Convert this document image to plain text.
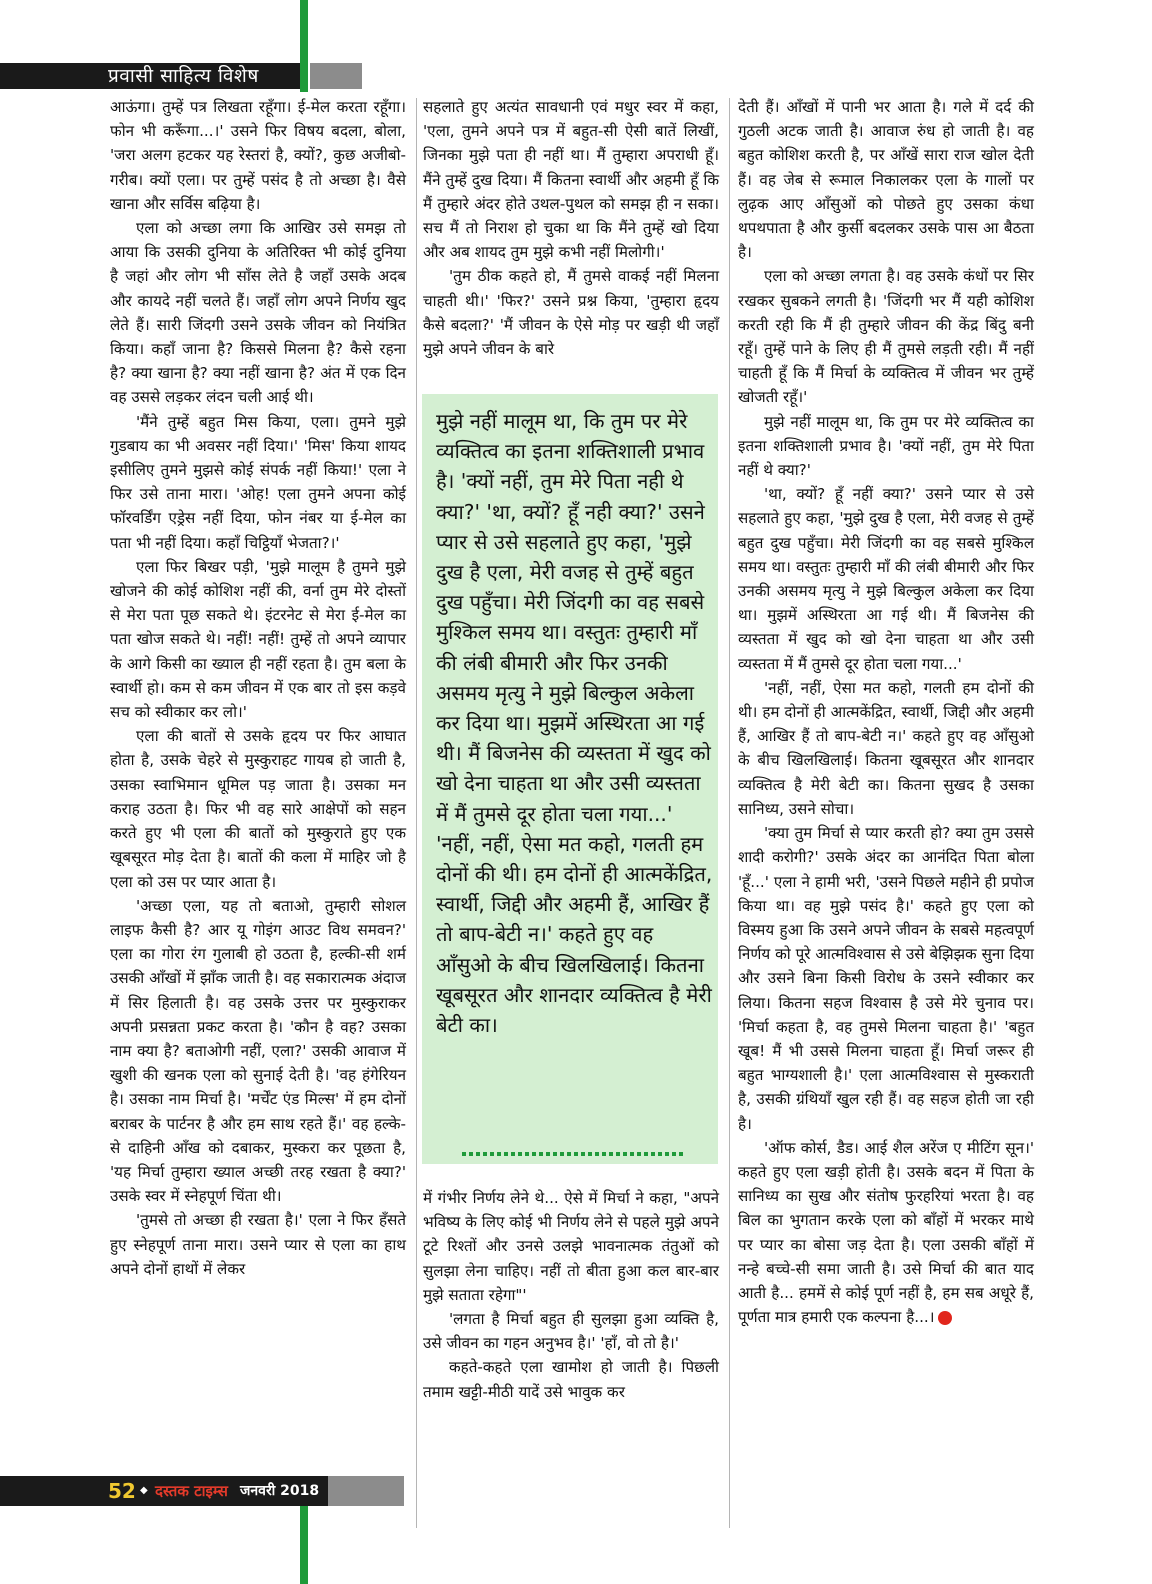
प्रवासी साहित्य विशेष

आऊंगा। तुम्हें पत्र लिखता रहूँगा। ई-मेल करता रहूँगा। फोन भी करूँगा...।' उसने फिर विषय बदला, बोला, 'जरा अलग हटकर यह रेस्तरां है, क्यों?, कुछ अजीबो-गरीब। क्यों एला। पर तुम्हें पसंद है तो अच्छा है। वैसे खाना और सर्विस बढ़िया है।

एला को अच्छा लगा कि आखिर उसे समझ तो आया कि उसकी दुनिया के अतिरिक्त भी कोई दुनिया है जहां और लोग भी साँस लेते है जहाँ उसके अदब और कायदे नहीं चलते हैं। जहाँ लोग अपने निर्णय खुद लेते हैं। सारी जिंदगी उसने उसके जीवन को नियंत्रित किया। कहाँ जाना है? किससे मिलना है? कैसे रहना है? क्या खाना है? क्या नहीं खाना है? अंत में एक दिन वह उससे लड़कर लंदन चली आई थी।

'मैंने तुम्हें बहुत मिस किया, एला। तुमने मुझे गुडबाय का भी अवसर नहीं दिया।' 'मिस' किया शायद इसीलिए तुमने मुझसे कोई संपर्क नहीं किया!' एला ने फिर उसे ताना मारा। 'ओह! एला तुमने अपना कोई फॉरवर्डिंग एड्रेस नहीं दिया, फोन नंबर या ई-मेल का पता भी नहीं दिया। कहाँ चिट्ठियाँ भेजता?।'

एला फिर बिखर पड़ी, 'मुझे मालूम है तुमने मुझे खोजने की कोई कोशिश नहीं की, वर्ना तुम मेरे दोस्तों से मेरा पता पूछ सकते थे। इंटरनेट से मेरा ई-मेल का पता खोज सकते थे। नहीं! नहीं! तुम्हें तो अपने व्यापार के आगे किसी का ख्याल ही नहीं रहता है। तुम बला के स्वार्थी हो। कम से कम जीवन में एक बार तो इस कड़वे सच को स्वीकार कर लो।'

एला की बातों से उसके हृदय पर फिर आघात होता है, उसके चेहरे से मुस्कुराहट गायब हो जाती है, उसका स्वाभिमान धूमिल पड़ जाता है। उसका मन कराह उठता है। फिर भी वह सारे आक्षेपों को सहन करते हुए भी एला की बातों को मुस्कुराते हुए एक खूबसूरत मोड़ देता है। बातों की कला में माहिर जो है एला को उस पर प्यार आता है।

'अच्छा एला, यह तो बताओ, तुम्हारी सोशल लाइफ कैसी है? आर यू गोइंग आउट विथ समवन?' एला का गोरा रंग गुलाबी हो उठता है, हल्की-सी शर्म उसकी आँखों में झाँक जाती है। वह सकारात्मक अंदाज में सिर हिलाती है। वह उसके उत्तर पर मुस्कुराकर अपनी प्रसन्नता प्रकट करता है। 'कौन है वह? उसका नाम क्या है? बताओगी नहीं, एला?' उसकी आवाज में खुशी की खनक एला को सुनाई देती है। 'वह हंगेरियन है। उसका नाम मिर्चा है। 'मर्चेंट एंड मिल्स' में हम दोनों बराबर के पार्टनर है और हम साथ रहते हैं।' वह हल्के-से दाहिनी आँख को दबाकर, मुस्करा कर पूछता है, 'यह मिर्चा तुम्हारा ख्याल अच्छी तरह रखता है क्या?' उसके स्वर में स्नेहपूर्ण चिंता थी।

'तुमसे तो अच्छा ही रखता है।' एला ने फिर हँसते हुए स्नेहपूर्ण ताना मारा। उसने प्यार से एला का हाथ अपने दोनों हाथों में लेकर

सहलाते हुए अत्यंत सावधानी एवं मधुर स्वर में कहा, 'एला, तुमने अपने पत्र में बहुत-सी ऐसी बातें लिखीं, जिनका मुझे पता ही नहीं था। मैं तुम्हारा अपराधी हूँ। मैंने तुम्हें दुख दिया। मैं कितना स्वार्थी और अहमी हूँ कि मैं तुम्हारे अंदर होते उथल-पुथल को समझ ही न सका। सच मैं तो निराश हो चुका था कि मैंने तुम्हें खो दिया और अब शायद तुम मुझे कभी नहीं मिलोगी।'

'तुम ठीक कहते हो, मैं तुमसे वाकई नहीं मिलना चाहती थी।' 'फिर?' उसने प्रश्न किया, 'तुम्हारा हृदय कैसे बदला?' 'मैं जीवन के ऐसे मोड़ पर खड़ी थी जहाँ मुझे अपने जीवन के बारे

मुझे नहीं मालूम था, कि तुम पर मेरे व्यक्तित्व का इतना शक्तिशाली प्रभाव है। 'क्यों नहीं, तुम मेरे पिता नही थे क्या?' 'था, क्यों? हूँ नही क्या?' उसने प्यार से उसे सहलाते हुए कहा, 'मुझे दुख है एला, मेरी वजह से तुम्हें बहुत दुख पहुँचा। मेरी जिंदगी का वह सबसे मुश्किल समय था। वस्तुतः तुम्हारी माँ की लंबी बीमारी और फिर उनकी असमय मृत्यु ने मुझे बिल्कुल अकेला कर दिया था। मुझमें अस्थिरता आ गई थी। मैं बिजनेस की व्यस्तता में खुद को खो देना चाहता था और उसी व्यस्तता में मैं तुमसे दूर होता चला गया...' 'नहीं, नहीं, ऐसा मत कहो, गलती हम दोनों की थी। हम दोनों ही आत्मकेंद्रित, स्वार्थी, जिद्दी और अहमी हैं, आखिर हैं तो बाप-बेटी न।' कहते हुए वह आँसुओ के बीच खिलखिलाई। कितना खूबसूरत और शानदार व्यक्तित्व है मेरी बेटी का।

में गंभीर निर्णय लेने थे... ऐसे में मिर्चा ने कहा, "अपने भविष्य के लिए कोई भी निर्णय लेने से पहले मुझे अपने टूटे रिश्तों और उनसे उलझे भावनात्मक तंतुओं को सुलझा लेना चाहिए। नहीं तो बीता हुआ कल बार-बार मुझे सताता रहेगा"'

'लगता है मिर्चा बहुत ही सुलझा हुआ व्यक्ति है, उसे जीवन का गहन अनुभव है।' 'हाँ, वो तो है।'

कहते-कहते एला खामोश हो जाती है। पिछली तमाम खट्टी-मीठी यादें उसे भावुक कर

देती हैं। आँखों में पानी भर आता है। गले में दर्द की गुठली अटक जाती है। आवाज रुंध हो जाती है। वह बहुत कोशिश करती है, पर आँखें सारा राज खोल देती हैं। वह जेब से रूमाल निकालकर एला के गालों पर लुढ़क आए आँसुओं को पोछते हुए उसका कंधा थपथपाता है और कुर्सी बदलकर उसके पास आ बैठता है।

एला को अच्छा लगता है। वह उसके कंधों पर सिर रखकर सुबकने लगती है। 'जिंदगी भर मैं यही कोशिश करती रही कि मैं ही तुम्हारे जीवन की केंद्र बिंदु बनी रहूँ। तुम्हें पाने के लिए ही मैं तुमसे लड़ती रही। मैं नहीं चाहती हूँ कि मैं मिर्चा के व्यक्तित्व में जीवन भर तुम्हें खोजती रहूँ।'

मुझे नहीं मालूम था, कि तुम पर मेरे व्यक्तित्व का इतना शक्तिशाली प्रभाव है। 'क्यों नहीं, तुम मेरे पिता नहीं थे क्या?'

'था, क्यों? हूँ नहीं क्या?' उसने प्यार से उसे सहलाते हुए कहा, 'मुझे दुख है एला, मेरी वजह से तुम्हें बहुत दुख पहुँचा। मेरी जिंदगी का वह सबसे मुश्किल समय था। वस्तुतः तुम्हारी माँ की लंबी बीमारी और फिर उनकी असमय मृत्यु ने मुझे बिल्कुल अकेला कर दिया था। मुझमें अस्थिरता आ गई थी। मैं बिजनेस की व्यस्तता में खुद को खो देना चाहता था और उसी व्यस्तता में मैं तुमसे दूर होता चला गया...'

'नहीं, नहीं, ऐसा मत कहो, गलती हम दोनों की थी। हम दोनों ही आत्मकेंद्रित, स्वार्थी, जिद्दी और अहमी हैं, आखिर हैं तो बाप-बेटी न।' कहते हुए वह आँसुओ के बीच खिलखिलाई। कितना खूबसूरत और शानदार व्यक्तित्व है मेरी बेटी का। कितना सुखद है उसका सानिध्य, उसने सोचा।

'क्या तुम मिर्चा से प्यार करती हो? क्या तुम उससे शादी करोगी?' उसके अंदर का आनंदित पिता बोला 'हूँ...' एला ने हामी भरी, 'उसने पिछले महीने ही प्रपोज किया था। वह मुझे पसंद है।' कहते हुए एला को विस्मय हुआ कि उसने अपने जीवन के सबसे महत्वपूर्ण निर्णय को पूरे आत्मविश्वास से उसे बेझिझक सुना दिया और उसने बिना किसी विरोध के उसने स्वीकार कर लिया। कितना सहज विश्वास है उसे मेरे चुनाव पर। 'मिर्चा कहता है, वह तुमसे मिलना चाहता है।' 'बहुत खूब! मैं भी उससे मिलना चाहता हूँ। मिर्चा जरूर ही बहुत भाग्यशाली है।' एला आत्मविश्वास से मुस्कराती है, उसकी ग्रंथियाँ खुल रही हैं। वह सहज होती जा रही है।

'ऑफ कोर्स, डैड। आई शैल अरेंज ए मीटिंग सून।' कहते हुए एला खड़ी होती है। उसके बदन में पिता के सानिध्य का सुख और संतोष फुरहरियां भरता है। वह बिल का भुगतान करके एला को बाँहों में भरकर माथे पर प्यार का बोसा जड़ देता है। एला उसकी बाँहों में नन्हे बच्चे-सी समा जाती है। उसे मिर्चा की बात याद आती है... हममें से कोई पूर्ण नहीं है, हम सब अधूरे हैं, पूर्णता मात्र हमारी एक कल्पना है...।

52 ◆ दस्तक टाइम्स जनवरी 2018
